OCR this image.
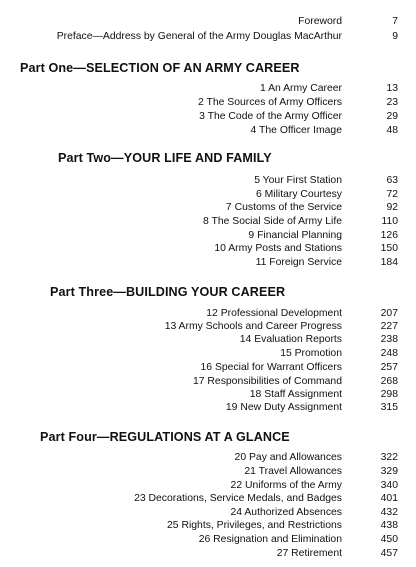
Foreword	7
Preface—Address by General of the Army Douglas MacArthur	9
Part One—SELECTION OF AN ARMY CAREER
1 An Army Career	13
2 The Sources of Army Officers	23
3 The Code of the Army Officer	29
4 The Officer Image	48
Part Two—YOUR LIFE AND FAMILY
5 Your First Station	63
6 Military Courtesy	72
7 Customs of the Service	92
8 The Social Side of Army Life	110
9 Financial Planning	126
10 Army Posts and Stations	150
11 Foreign Service	184
Part Three—BUILDING YOUR CAREER
12 Professional Development	207
13 Army Schools and Career Progress	227
14 Evaluation Reports	238
15 Promotion	248
16 Special for Warrant Officers	257
17 Responsibilities of Command	268
18 Staff Assignment	298
19 New Duty Assignment	315
Part Four—REGULATIONS AT A GLANCE
20 Pay and Allowances	322
21 Travel Allowances	329
22 Uniforms of the Army	340
23 Decorations, Service Medals, and Badges	401
24 Authorized Absences	432
25 Rights, Privileges, and Restrictions	438
26 Resignation and Elimination	450
27 Retirement	457
